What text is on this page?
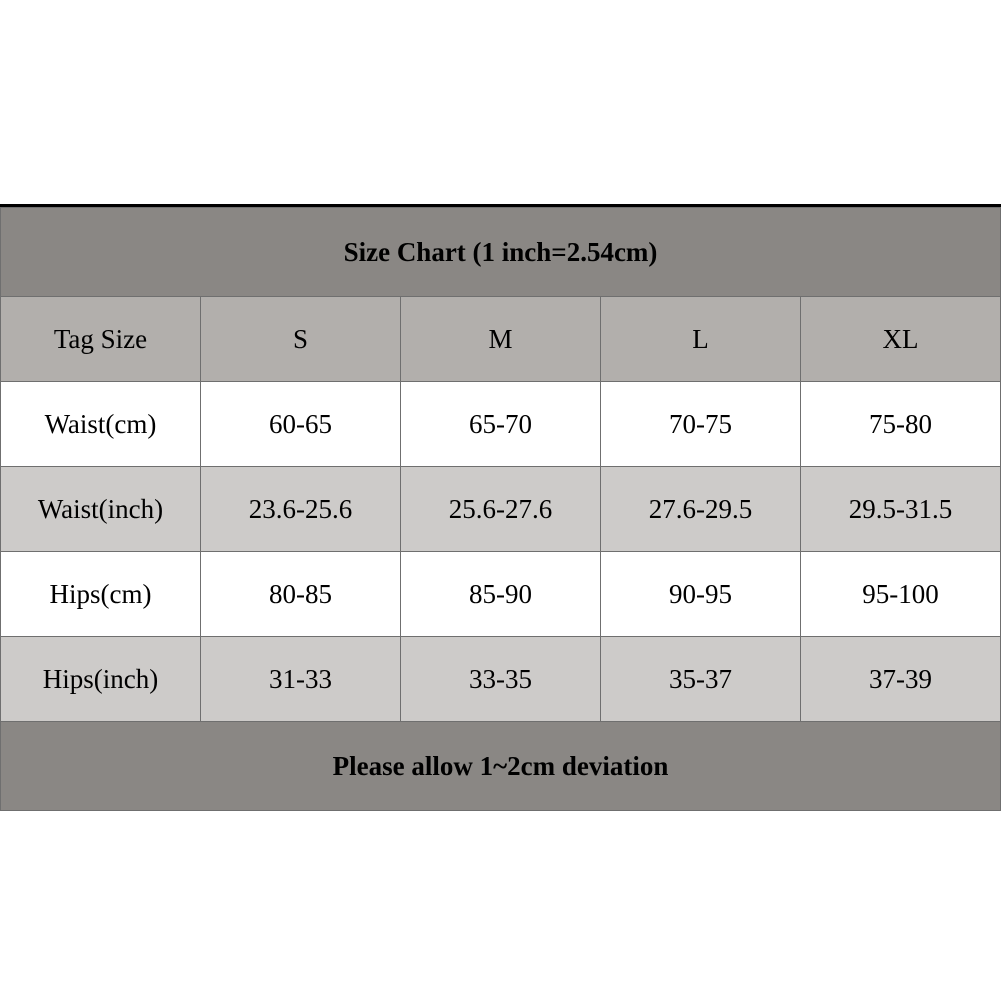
Size Chart (1 inch=2.54cm)				
Tag Size	S	M	L	XL
Waist(cm)	60-65	65-70	70-75	75-80
Waist(inch)	23.6-25.6	25.6-27.6	27.6-29.5	29.5-31.5
Hips(cm)	80-85	85-90	90-95	95-100
Hips(inch)	31-33	33-35	35-37	37-39
Please allow 1~2cm deviation				
